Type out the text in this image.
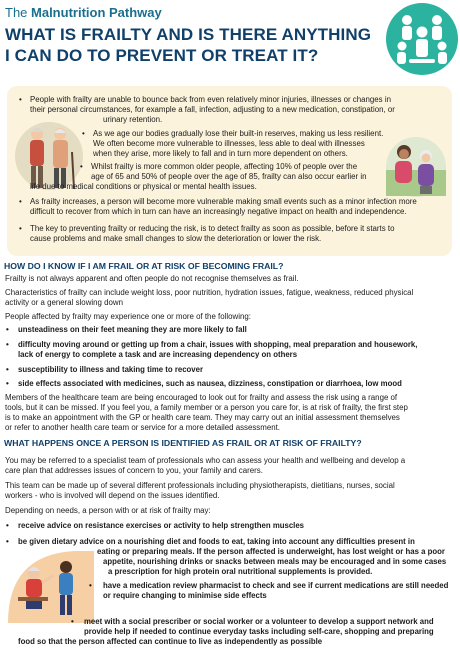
The Malnutrition Pathway
WHAT IS FRAILTY AND IS THERE ANYTHING
I CAN DO TO PREVENT OR TREAT IT?
• People with frailty are unable to bounce back from even relatively minor injuries, illnesses or changes in
their personal circumstances, for example a fall, infection, adjusting to a new medication, constipation, or
urinary retention.
• As we age our bodies gradually lose their built-in reserves, making us less resilient.
We often become more vulnerable to illnesses, less able to deal with illnesses
when they arise, more likely to fall and in turn more dependent on others.
• Whilst frailty is more common older people, affecting 10% of people over the
age of 65 and 50% of people over the age of 85, frailty can also occur earlier in
life due to medical conditions or physical or mental health issues.
• As frailty increases, a person will become more vulnerable making small events such as a minor infection more
difficult to recover from which in turn can have an increasingly negative impact on health and independence.
• The key to preventing frailty or reducing the risk, is to detect frailty as soon as possible, before it starts to
cause problems and make small changes to slow the deterioration or lower the risk.
HOW DO I KNOW IF I AM FRAIL OR AT RISK OF BECOMING FRAIL?
Frailty is not always apparent and often people do not recognise themselves as frail.
Characteristics of frailty can include weight loss, poor nutrition, hydration issues, fatigue, weakness, reduced physical
activity or a general slowing down
People affected by frailty may experience one or more of the following:
• unsteadiness on their feet meaning they are more likely to fall
• difficulty moving around or getting up from a chair, issues with shopping, meal preparation and housework,
lack of energy to complete a task and are increasing dependency on others
• susceptibility to illness and taking time to recover
• side effects associated with medicines, such as nausea, dizziness, constipation or diarrhoea, low mood
Members of the healthcare team are being encouraged to look out for frailty and assess the risk using a range of
tools, but it can be missed. If you feel you, a family member or a person you care for, is at risk of frailty, the first step
is to make an appointment with the GP or health care team. They may carry out an initial assessment themselves
or refer to another health care team or service for a more detailed assessment.
WHAT HAPPENS ONCE A PERSON IS IDENTIFIED AS FRAIL OR AT RISK OF FRAILTY?
You may be referred to a specialist team of professionals who can assess your health and wellbeing and develop a
care plan that addresses issues of concern to you, your family and carers.
This team can be made up of several different professionals including physiotherapists, dietitians, nurses, social
workers - who is involved will depend on the issues identified.
Depending on needs, a person with or at risk of frailty may:
• receive advice on resistance exercises or activity to help strengthen muscles
• be given dietary advice on a nourishing diet and foods to eat, taking into account any difficulties present in
eating or preparing meals. If the person affected is underweight, has lost weight or has a poor
appetite, nourishing drinks or snacks between meals may be encouraged and in some cases
a prescription for high protein oral nutritional supplements is provided.
• have a medication review pharmacist to check and see if current medications are still needed
or require changing to minimise side effects
• meet with a social prescriber or social worker or a volunteer to develop a support network and
provide help if needed to continue everyday tasks including self-care, shopping and preparing
food so that the person affected can continue to live as independently as possible
